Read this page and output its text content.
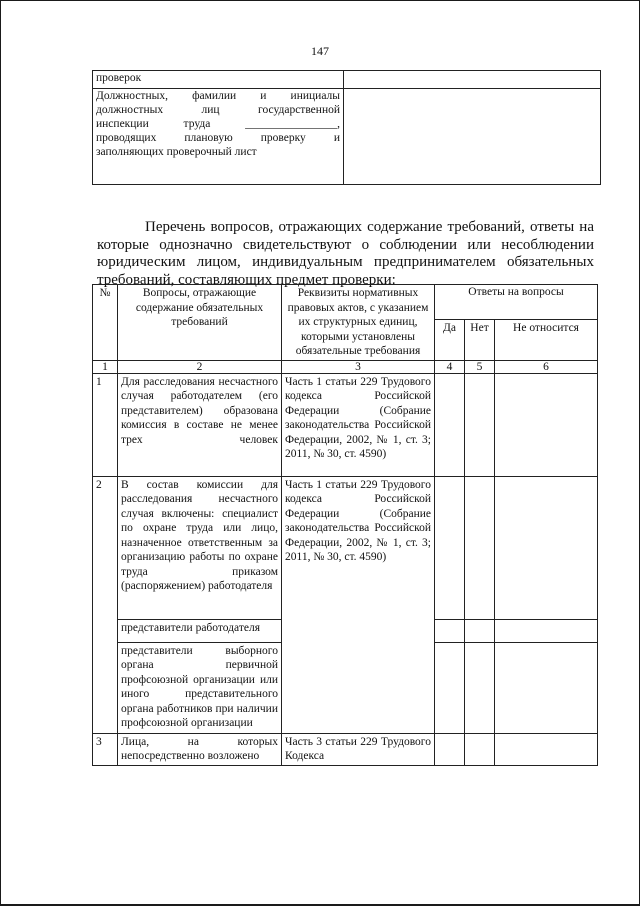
147
проверок	

Должностных, фамилии и инициалы
должностных лиц государственной
инспекции труда ________________,
проводящих плановую проверку и
заполняющих проверочный лист	

Перечень вопросов, отражающих содержание требований, ответы на которые однозначно свидетельствуют о соблюдении или несоблюдении юридическим лицом, индивидуальным предпринимателем обязательных требований, составляющих предмет проверки:

№	Вопросы, отражающие содержание обязательных требований	Реквизиты нормативных правовых актов, с указанием их структурных единиц, которыми установлены обязательные требования	Ответы на вопросы		
			Да	Нет	Не относится
1	2	3	4	5	6
1	Для расследования несчастного случая работодателем (его представителем) образована комиссия в составе не менее трех человек	Часть 1 статьи 229 Трудового кодекса Российской Федерации (Собрание законодательства Российской Федерации, 2002, № 1, ст. 3; 2011, № 30, ст. 4590)			

2	В состав комиссии для расследования несчастного случая включены: специалист по охране труда или лицо, назначенное ответственным за организацию работы по охране труда приказом (распоряжением) работодателя	Часть 1 статьи 229 Трудового кодекса Российской Федерации (Собрание законодательства Российской Федерации, 2002, № 1, ст. 3; 2011, № 30, ст. 4590)			

	представители работодателя				

	представители выборного органа первичной профсоюзной организации или иного представительного органа работников при наличии профсоюзной организации				

3	Лица, на которых непосредственно возложено	Часть 3 статьи 229 Трудового Кодекса			
